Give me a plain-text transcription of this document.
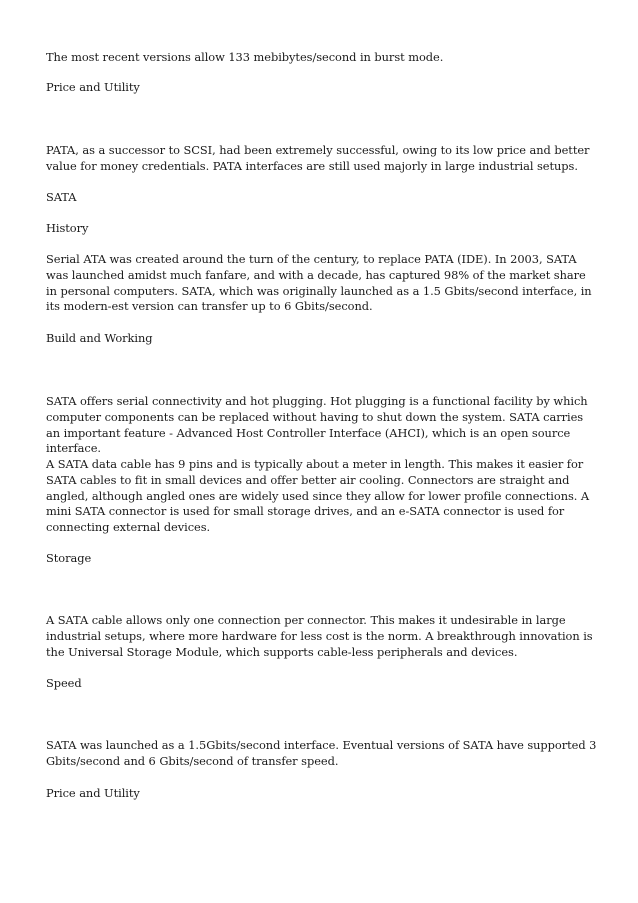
The most recent versions allow 133 mebibytes/second in burst mode.

Price and Utility

PATA, as a successor to SCSI, had been extremely successful, owing to its low price and better value for money credentials. PATA interfaces are still used majorly in large industrial setups.

SATA

History

Serial ATA was created around the turn of the century, to replace PATA (IDE). In 2003, SATA was launched amidst much fanfare, and with a decade, has captured 98% of the market share in personal computers. SATA, which was originally launched as a 1.5 Gbits/second interface, in its modern-est version can transfer up to 6 Gbits/second.

Build and Working

SATA offers serial connectivity and hot plugging. Hot plugging is a functional facility by which computer components can be replaced without having to shut down the system. SATA carries an important feature - Advanced Host Controller Interface (AHCI), which is an open source interface.

A SATA data cable has 9 pins and is typically about a meter in length. This makes it easier for SATA cables to fit in small devices and offer better air cooling. Connectors are straight and angled, although angled ones are widely used since they allow for lower profile connections. A mini SATA connector is used for small storage drives, and an e-SATA connector is used for connecting external devices.

Storage

A SATA cable allows only one connection per connector. This makes it undesirable in large industrial setups, where more hardware for less cost is the norm. A breakthrough innovation is the Universal Storage Module, which supports cable-less peripherals and devices.

Speed

SATA was launched as a 1.5Gbits/second interface. Eventual versions of SATA have supported 3 Gbits/second and 6 Gbits/second of transfer speed.

Price and Utility
